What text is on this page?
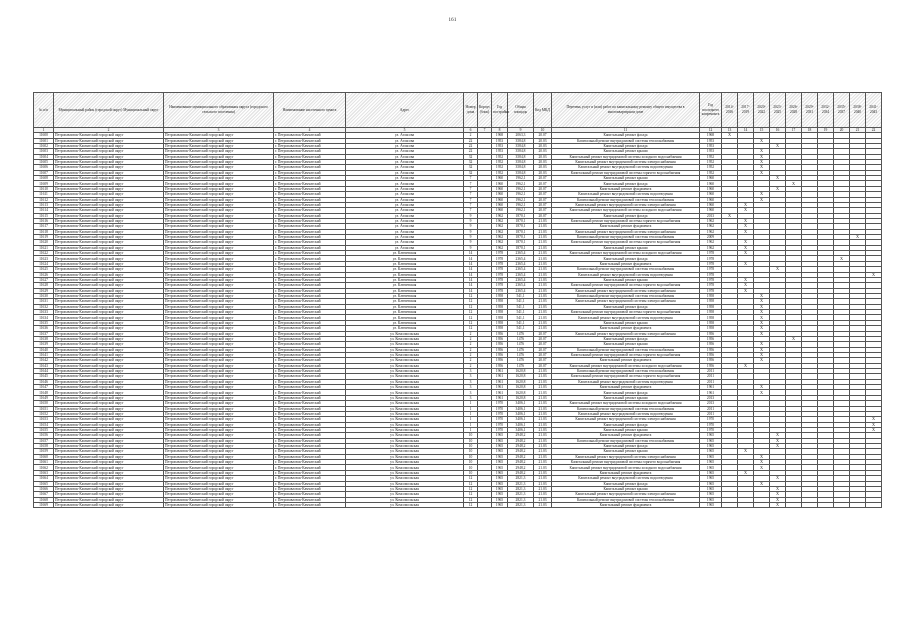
161
№ п/п	Муниципальный район (городской округ) Муниципальный округ	Наименование муниципального образования округа (городского сельского поселения)	Наименование населенного пункта	Адрес	Номер дома	Корпус (блок)	Год постройки	Общая площадь	Код МКД	Перечень услуг и (или) работ по капитальному ремонту общего имущества в многоквартирном доме	Год последнего капремонта	2014-2016	2017-2019	2020-2022	2023-2025	2026-2028	2029-2031	2032-2034	2035-2037	2038-2040	2041-2043
1	2	3	4	5	6	7	8	9	10	11	12	13	14	15	16	17	18	19	20	21	22
11600	Петропавловск-Камчатский городской округ	Петропавловск-Камчатский городской округ	г. Петропавловск-Камчатский	ул. Атласова	2		1968	2063,3	20.07	Капитальный ремонт фасада	1968	X									
11601	Петропавловск-Камчатский городской округ	Петропавловск-Камчатский городской округ	г. Петропавловск-Камчатский	ул. Атласова	22		1953	3584,8	20.03	Капитальный ремонт внутридомовой системы теплоснабжения	1953			X							
11602	Петропавловск-Камчатский городской округ	Петропавловск-Камчатский городской округ	г. Петропавловск-Камчатский	ул. Атласова	22		1953	3584,8	20.03	Капитальный ремонт фасада	1953				X						
11603	Петропавловск-Камчатский городской округ	Петропавловск-Камчатский городской округ	г. Петропавловск-Камчатский	ул. Атласова	22		1953	3584,8	20.03	Капитальный ремонт крыши	1953			X							
11604	Петропавловск-Камчатский городской округ	Петропавловск-Камчатский городской округ	г. Петропавловск-Камчатский	ул. Атласова	32		1952	3584,8	20.03	Капитальный ремонт внутридомовой системы холодного водоснабжения	1952			X							
11605	Петропавловск-Камчатский городской округ	Петропавловск-Камчатский городской округ	г. Петропавловск-Камчатский	ул. Атласова	32		1952	3584,8	20.03	Капитальный ремонт внутридомовой системы электроснабжения	1952			X							
11606	Петропавловск-Камчатский городской округ	Петропавловск-Камчатский городской округ	г. Петропавловск-Камчатский	ул. Атласова	32		1952	3584,8	20.03	Капитальный ремонт внутридомовой системы водоотведения	1952			X							
11607	Петропавловск-Камчатский городской округ	Петропавловск-Камчатский городской округ	г. Петропавловск-Камчатский	ул. Атласова	32		1952	3584,8	20.03	Капитальный ремонт внутридомовой системы горячего водоснабжения	1952			X							
11608	Петропавловск-Камчатский городской округ	Петропавловск-Камчатский городской округ	г. Петропавловск-Камчатский	ул. Атласова	7		1960	1962,1	20.07	Капитальный ремонт крыши	1960				X						
11609	Петропавловск-Камчатский городской округ	Петропавловск-Камчатский городской округ	г. Петропавловск-Камчатский	ул. Атласова	7		1960	1962,1	20.07	Капитальный ремонт фасада	1960					X					
11610	Петропавловск-Камчатский городской округ	Петропавловск-Камчатский городской округ	г. Петропавловск-Камчатский	ул. Атласова	7		1960	1962,1	20.07	Капитальный ремонт фундамента	1960				X						
11611	Петропавловск-Камчатский городской округ	Петропавловск-Камчатский городской округ	г. Петропавловск-Камчатский	ул. Атласова	7		1960	1962,1	20.07	Капитальный ремонт внутридомовой системы водоотведения	1960			X							
11612	Петропавловск-Камчатский городской округ	Петропавловск-Камчатский городской округ	г. Петропавловск-Камчатский	ул. Атласова	7		1960	1962,1	20.07	Капитальный ремонт внутридомовой системы теплоснабжения	1960			X							
11613	Петропавловск-Камчатский городской округ	Петропавловск-Камчатский городской округ	г. Петропавловск-Камчатский	ул. Атласова	7		1960	1962,1	20.07	Капитальный ремонт внутридомовой системы электроснабжения	1960		X								
11614	Петропавловск-Камчатский городской округ	Петропавловск-Камчатский городской округ	г. Петропавловск-Камчатский	ул. Атласова	7		1960	1962,1	20.07	Капитальный ремонт внутридомовой системы холодного водоснабжения	1960		X								
11615	Петропавловск-Камчатский городской округ	Петропавловск-Камчатский городской округ	г. Петропавловск-Камчатский	ул. Атласова	9		1962	1870,1	20.07	Капитальный ремонт фасада	2013	X									
11616	Петропавловск-Камчатский городской округ	Петропавловск-Камчатский городской округ	г. Петропавловск-Камчатский	ул. Атласова	9		1962	1870,1	21.03	Капитальный ремонт внутридомовой системы горячего водоснабжения	1962		X								
11617	Петропавловск-Камчатский городской округ	Петропавловск-Камчатский городской округ	г. Петропавловск-Камчатский	ул. Атласова	9		1962	1870,1	21.03	Капитальный ремонт фундамента	1962		X								
11618	Петропавловск-Камчатский городской округ	Петропавловск-Камчатский городской округ	г. Петропавловск-Камчатский	ул. Атласова	9		1962	1870,1	21.03	Капитальный ремонт внутридомовой системы электроснабжения	1962		X								
11619	Петропавловск-Камчатский городской округ	Петропавловск-Камчатский городской округ	г. Петропавловск-Камчатский	ул. Атласова	9		1962	1870,1	21.03	Капитальный ремонт внутридомовой системы теплоснабжения	2009									X	
11620	Петропавловск-Камчатский городской округ	Петропавловск-Камчатский городской округ	г. Петропавловск-Камчатский	ул. Атласова	9		1962	1870,1	21.03	Капитальный ремонт внутридомовой системы горячего водоснабжения	1962		X								
11621	Петропавловск-Камчатский городской округ	Петропавловск-Камчатский городской округ	г. Петропавловск-Камчатский	ул. Атласова	9		1962	1870,1	21.03	Капитальный ремонт крыши	1962		X								
11622	Петропавловск-Камчатский городской округ	Петропавловск-Камчатский городской округ	г. Петропавловск-Камчатский	ул. Ключевская	14		1978	2365,4	21.03	Капитальный ремонт внутридомовой системы холодного водоснабжения	1978		X								
11623	Петропавловск-Камчатский городской округ	Петропавловск-Камчатский городской округ	г. Петропавловск-Камчатский	ул. Ключевская	14		1978	2365,4	21.03	Капитальный ремонт фасада	1978								X		
11624	Петропавловск-Камчатский городской округ	Петропавловск-Камчатский городской округ	г. Петропавловск-Камчатский	ул. Ключевская	14		1978	2365,4	21.03	Капитальный ремонт фундамента	1978		X								
11625	Петропавловск-Камчатский городской округ	Петропавловск-Камчатский городской округ	г. Петропавловск-Камчатский	ул. Ключевская	14		1978	2365,4	21.03	Капитальный ремонт внутридомовой системы теплоснабжения	1978				X						
11626	Петропавловск-Камчатский городской округ	Петропавловск-Камчатский городской округ	г. Петропавловск-Камчатский	ул. Ключевская	14		1978	2365,4	21.03	Капитальный ремонт внутридомовой системы водоотведения	1978										X
11627	Петропавловск-Камчатский городской округ	Петропавловск-Камчатский городской округ	г. Петропавловск-Камчатский	ул. Ключевская	14		1978	2365,4	21.03	Капитальный ремонт крыши	1978		X								
11628	Петропавловск-Камчатский городской округ	Петропавловск-Камчатский городской округ	г. Петропавловск-Камчатский	ул. Ключевская	14		1978	2365,4	21.03	Капитальный ремонт внутридомовой системы горячего водоснабжения	1978		X								
11629	Петропавловск-Камчатский городской округ	Петропавловск-Камчатский городской округ	г. Петропавловск-Камчатский	ул. Ключевская	14		1978	2365,4	21.03	Капитальный ремонт внутридомовой системы электроснабжения	1978		X								
11630	Петропавловск-Камчатский городской округ	Петропавловск-Камчатский городской округ	г. Петропавловск-Камчатский	ул. Ключевская	12		1958	541,1	21.03	Капитальный ремонт внутридомовой системы теплоснабжения	1958			X							
11631	Петропавловск-Камчатский городской округ	Петропавловск-Камчатский городской округ	г. Петропавловск-Камчатский	ул. Ключевская	12		1958	541,1	21.03	Капитальный ремонт внутридомовой системы электроснабжения	1958			X							
11632	Петропавловск-Камчатский городской округ	Петропавловск-Камчатский городской округ	г. Петропавловск-Камчатский	ул. Ключевская	12		1958	541,1	21.03	Капитальный ремонт фасада	1958			X							
11633	Петропавловск-Камчатский городской округ	Петропавловск-Камчатский городской округ	г. Петропавловск-Камчатский	ул. Ключевская	12		1958	541,1	21.03	Капитальный ремонт внутридомовой системы горячего водоснабжения	1958			X							
11634	Петропавловск-Камчатский городской округ	Петропавловск-Камчатский городской округ	г. Петропавловск-Камчатский	ул. Ключевская	12		1958	541,1	21.03	Капитальный ремонт внутридомовой системы водоотведения	1958			X							
11635	Петропавловск-Камчатский городской округ	Петропавловск-Камчатский городской округ	г. Петропавловск-Камчатский	ул. Ключевская	12		1958	541,1	21.03	Капитальный ремонт крыши	1958			X							
11636	Петропавловск-Камчатский городской округ	Петропавловск-Камчатский городской округ	г. Петропавловск-Камчатский	ул. Ключевская	12		1958	541,1	21.03	Капитальный ремонт фундамента	1958			X							
11637	Петропавловск-Камчатский городской округ	Петропавловск-Камчатский городской округ	г. Петропавловск-Камчатский	ул. Комсомольская	2		1956	1476	20.07	Капитальный ремонт внутридомовой системы электроснабжения	1956			X							
11638	Петропавловск-Камчатский городской округ	Петропавловск-Камчатский городской округ	г. Петропавловск-Камчатский	ул. Комсомольская	2		1956	1476	20.07	Капитальный ремонт фасада	1956					X					
11639	Петропавловск-Камчатский городской округ	Петропавловск-Камчатский городской округ	г. Петропавловск-Камчатский	ул. Комсомольская	2		1956	1476	20.07	Капитальный ремонт крыши	1956			X							
11640	Петропавловск-Камчатский городской округ	Петропавловск-Камчатский городской округ	г. Петропавловск-Камчатский	ул. Комсомольская	2		1956	1476	20.07	Капитальный ремонт внутридомовой системы теплоснабжения	1956			X							
11641	Петропавловск-Камчатский городской округ	Петропавловск-Камчатский городской округ	г. Петропавловск-Камчатский	ул. Комсомольская	2		1956	1476	20.07	Капитальный ремонт внутридомовой системы горячего водоснабжения	1956			X							
11642	Петропавловск-Камчатский городской округ	Петропавловск-Камчатский городской округ	г. Петропавловск-Камчатский	ул. Комсомольская	2		1956	1476	20.07	Капитальный ремонт фундамента	1956			X							
11643	Петропавловск-Камчатский городской округ	Петропавловск-Камчатский городской округ	г. Петропавловск-Камчатский	ул. Комсомольская	2		1956	1476	20.07	Капитальный ремонт внутридомовой системы холодного водоснабжения	1956		X								
11644	Петропавловск-Камчатский городской округ	Петропавловск-Камчатский городской округ	г. Петропавловск-Камчатский	ул. Комсомольская	3		1961	1620,8	21.03	Капитальный ремонт внутридомовой системы теплоснабжения	2011										
11645	Петропавловск-Камчатский городской округ	Петропавловск-Камчатский городской округ	г. Петропавловск-Камчатский	ул. Комсомольская	3		1961	1620,8	21.03	Капитальный ремонт внутридомовой системы горячего водоснабжения	2011										
11646	Петропавловск-Камчатский городской округ	Петропавловск-Камчатский городской округ	г. Петропавловск-Камчатский	ул. Комсомольская	3		1961	1620,8	21.03	Капитальный ремонт внутридомовой системы водоотведения	2011										
11647	Петропавловск-Камчатский городской округ	Петропавловск-Камчатский городской округ	г. Петропавловск-Камчатский	ул. Комсомольская	3		1961	1620,8	21.03	Капитальный ремонт фундамента	1961			X							
11648	Петропавловск-Камчатский городской округ	Петропавловск-Камчатский городской округ	г. Петропавловск-Камчатский	ул. Комсомольская	3		1961	1620,8	21.03	Капитальный ремонт фасада	1961			X							
11649	Петропавловск-Камчатский городской округ	Петропавловск-Камчатский городской округ	г. Петропавловск-Камчатский	ул. Комсомольская	3		1961	1620,8	21.03	Капитальный ремонт крыши	2013										
11650	Петропавловск-Камчатский городской округ	Петропавловск-Камчатский городской округ	г. Петропавловск-Камчатский	ул. Комсомольская	1		1970	3406,1	21.03	Капитальный ремонт внутридомовой системы холодного водоснабжения	2013										
11651	Петропавловск-Камчатский городской округ	Петропавловск-Камчатский городской округ	г. Петропавловск-Камчатский	ул. Комсомольская	1		1970	3406,1	21.03	Капитальный ремонт внутридомовой системы теплоснабжения	2011										
11652	Петропавловск-Камчатский городской округ	Петропавловск-Камчатский городской округ	г. Петропавловск-Камчатский	ул. Комсомольская	1		1970	3406,1	21.03	Капитальный ремонт внутридомовой системы водоотведения	2011										
11653	Петропавловск-Камчатский городской округ	Петропавловск-Камчатский городской округ	г. Петропавловск-Камчатский	ул. Комсомольская	1		1970	3406,1	21.03	Капитальный ремонт внутридомовой системы электроснабжения	1970										X
11654	Петропавловск-Камчатский городской округ	Петропавловск-Камчатский городской округ	г. Петропавловск-Камчатский	ул. Комсомольская	1		1970	3406,1	21.03	Капитальный ремонт фасада	1970										X
11655	Петропавловск-Камчатский городской округ	Петропавловск-Камчатский городской округ	г. Петропавловск-Камчатский	ул. Комсомольская	1		1970	3406,1	21.03	Капитальный ремонт крыши	1970										X
11656	Петропавловск-Камчатский городской округ	Петропавловск-Камчатский городской округ	г. Петропавловск-Камчатский	ул. Комсомольская	10		1965	2948,2	21.03	Капитальный ремонт фундамента	1965				X						
11657	Петропавловск-Камчатский городской округ	Петропавловск-Камчатский городской округ	г. Петропавловск-Камчатский	ул. Комсомольская	10		1965	2948,2	21.03	Капитальный ремонт внутридомовой системы теплоснабжения	1965				X						
11658	Петропавловск-Камчатский городской округ	Петропавловск-Камчатский городской округ	г. Петропавловск-Камчатский	ул. Комсомольская	10		1965	2948,2	21.03	Капитальный ремонт фасада	1965				X						
11659	Петропавловск-Камчатский городской округ	Петропавловск-Камчатский городской округ	г. Петропавловск-Камчатский	ул. Комсомольская	10		1965	2948,2	21.03	Капитальный ремонт крыши	1965		X								
11660	Петропавловск-Камчатский городской округ	Петропавловск-Камчатский городской округ	г. Петропавловск-Камчатский	ул. Комсомольская	10		1965	2948,2	21.03	Капитальный ремонт внутридомовой системы электроснабжения	1965			X							
11661	Петропавловск-Камчатский городской округ	Петропавловск-Камчатский городской округ	г. Петропавловск-Камчатский	ул. Комсомольская	10		1965	2948,2	21.03	Капитальный ремонт внутридомовой системы горячего водоснабжения	1965			X							
11662	Петропавловск-Камчатский городской округ	Петропавловск-Камчатский городской округ	г. Петропавловск-Камчатский	ул. Комсомольская	10		1965	2948,2	21.03	Капитальный ремонт внутридомовой системы холодного водоснабжения	1965			X							
11663	Петропавловск-Камчатский городской округ	Петропавловск-Камчатский городской округ	г. Петропавловск-Камчатский	ул. Комсомольская	10		1965	2948,2	21.03	Капитальный ремонт фундамента	1965		X								
11664	Петропавловск-Камчатский городской округ	Петропавловск-Камчатский городской округ	г. Петропавловск-Камчатский	ул. Комсомольская	12		1965	2821,3	21.03	Капитальный ремонт внутридомовой системы водоотведения	1965				X						
11665	Петропавловск-Камчатский городской округ	Петропавловск-Камчатский городской округ	г. Петропавловск-Камчатский	ул. Комсомольская	12		1965	2821,3	21.03	Капитальный ремонт фасада	1965			X							
11666	Петропавловск-Камчатский городской округ	Петропавловск-Камчатский городской округ	г. Петропавловск-Камчатский	ул. Комсомольская	12		1965	2821,3	21.03	Капитальный ремонт крыши	1965				X						
11667	Петропавловск-Камчатский городской округ	Петропавловск-Камчатский городской округ	г. Петропавловск-Камчатский	ул. Комсомольская	12		1965	2821,3	21.03	Капитальный ремонт внутридомовой системы электроснабжения	1965				X						
11668	Петропавловск-Камчатский городской округ	Петропавловск-Камчатский городской округ	г. Петропавловск-Камчатский	ул. Комсомольская	12		1965	2821,3	21.03	Капитальный ремонт внутридомовой системы теплоснабжения	1965				X						
11669	Петропавловск-Камчатский городской округ	Петропавловск-Камчатский городской округ	г. Петропавловск-Камчатский	ул. Комсомольская	12		1965	2821,3	21.03	Капитальный ремонт фундамента	1965				X						
